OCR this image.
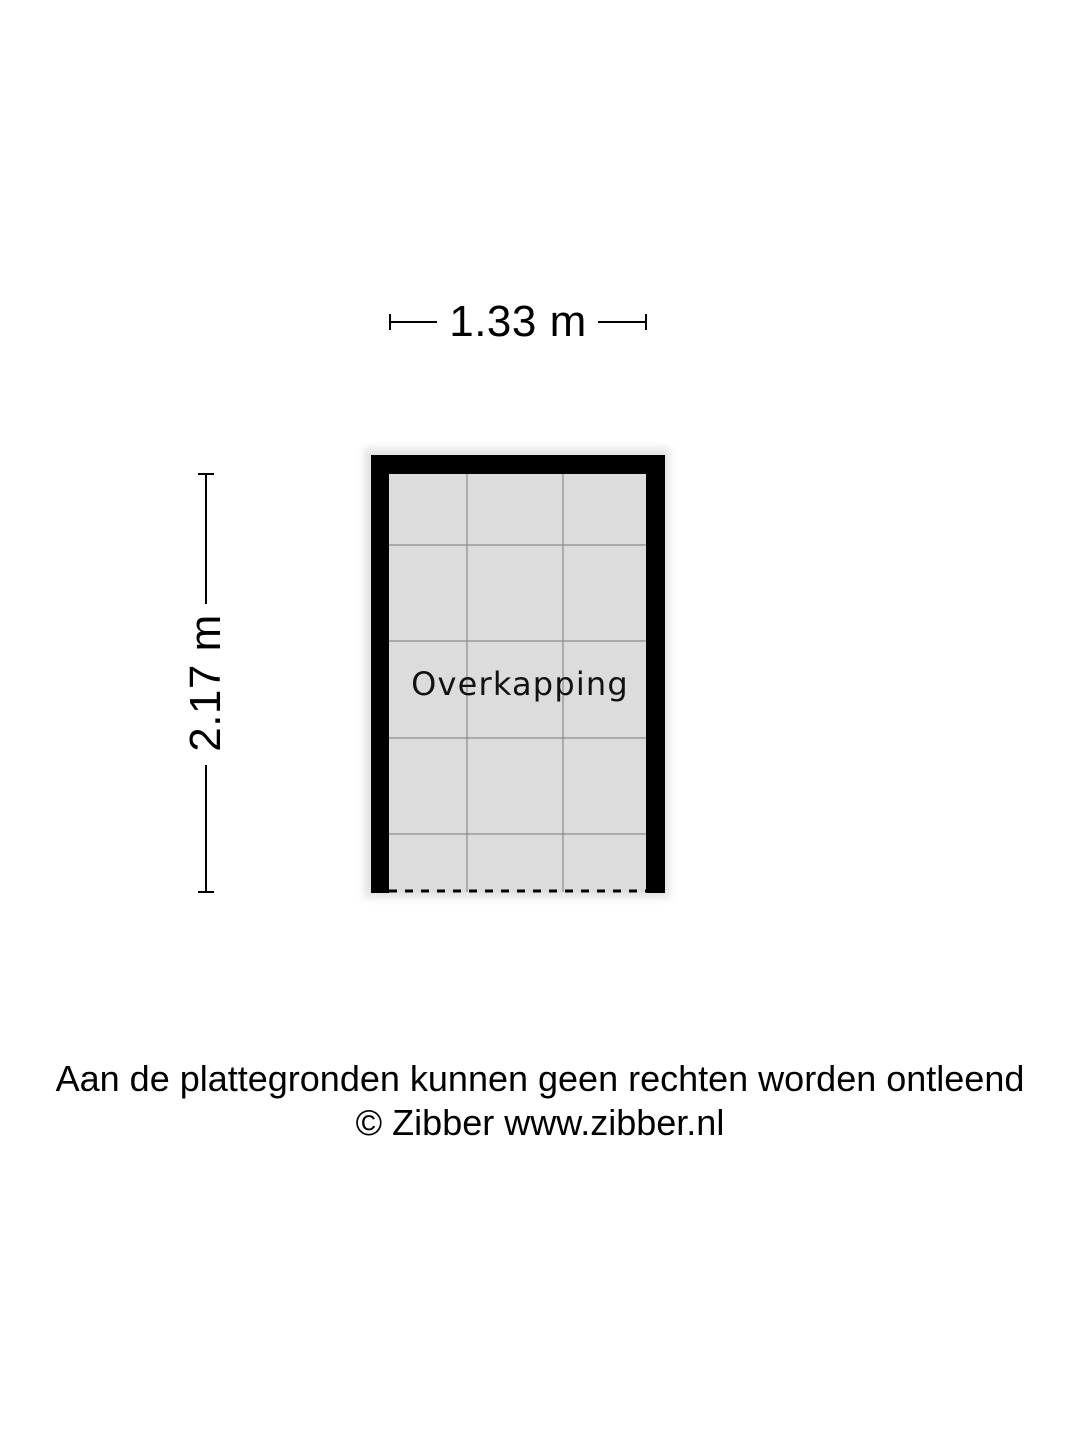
1.33 m
2.17 m	Overkapping
Aan de plattegronden kunnen geen rechten worden ontleend
© Zibber www.zibber.nl
